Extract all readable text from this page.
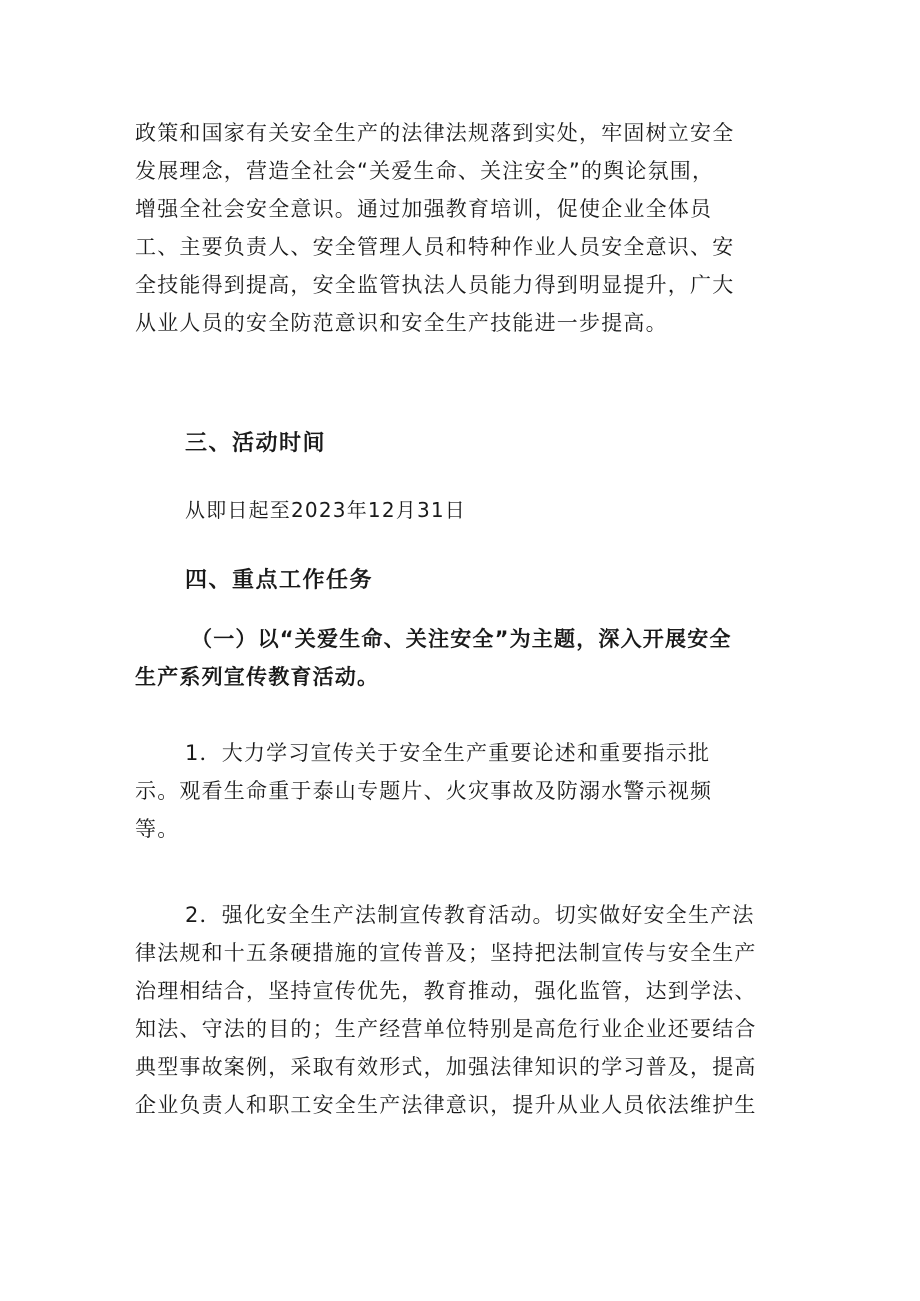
政策和国家有关安全生产的法律法规落到实处，牢固树立安全
发展理念，营造全社会“关爱生命、关注安全”的舆论氛围，
增强全社会安全意识。通过加强教育培训，促使企业全体员
工、主要负责人、安全管理人员和特种作业人员安全意识、安
全技能得到提高，安全监管执法人员能力得到明显提升，广大
从业人员的安全防范意识和安全生产技能进一步提高。

三、活动时间

从即日起至2023年12月31日

四、重点工作任务

（一）以“关爱生命、关注安全”为主题，深入开展安全
生产系列宣传教育活动。

1．大力学习宣传关于安全生产重要论述和重要指示批
示。观看生命重于泰山专题片、火灾事故及防溺水警示视频
等。

2．强化安全生产法制宣传教育活动。切实做好安全生产法
律法规和十五条硬措施的宣传普及；坚持把法制宣传与安全生产
治理相结合，坚持宣传优先，教育推动，强化监管，达到学法、
知法、守法的目的；生产经营单位特别是高危行业企业还要结合
典型事故案例，采取有效形式，加强法律知识的学习普及，提高
企业负责人和职工安全生产法律意识，提升从业人员依法维护生
